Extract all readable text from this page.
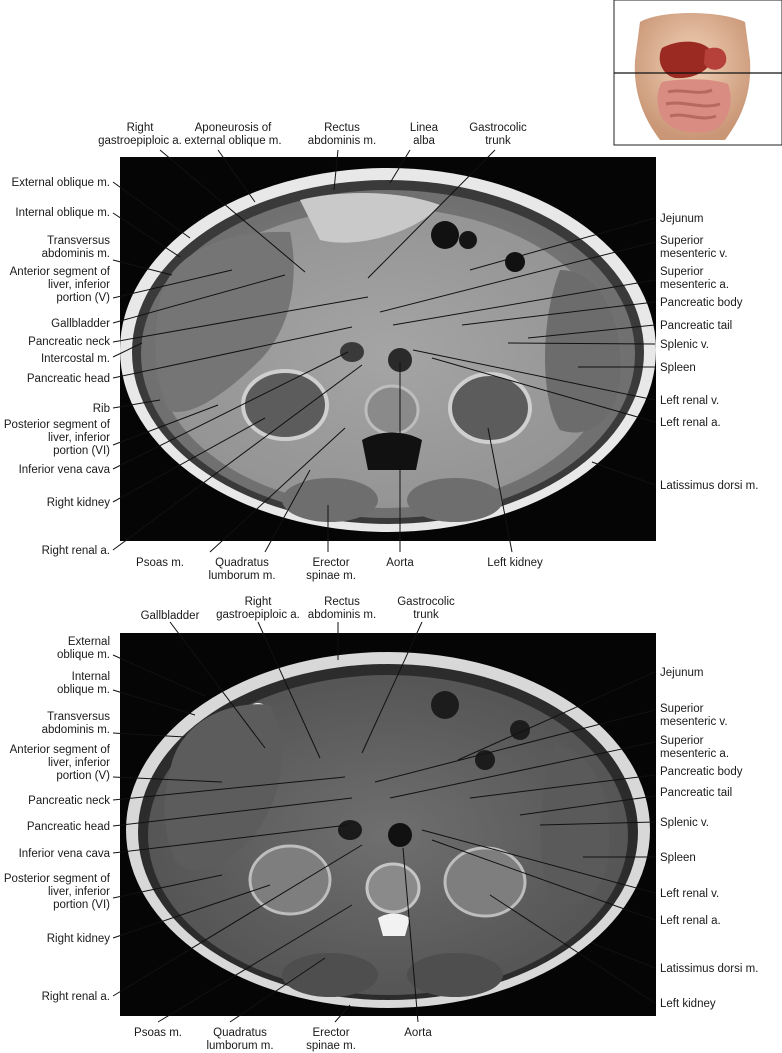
Right gastroepiploic a.
Aponeurosis of external oblique m.
Rectus abdominis m.
Linea alba
Gastrocolic trunk
External oblique m.
Internal oblique m.
Transversus abdominis m.
Anterior segment of liver, inferior portion (V)
Gallbladder
Pancreatic neck
Intercostal m.
Pancreatic head
Rib
Posterior segment of liver, inferior portion (VI)
Inferior vena cava
Right kidney
Right renal a.
Psoas m.	Quadratus lumborum m.
Erector spinae m.
Aorta	Left kidney
Jejunum
Superior mesenteric v.
Superior mesenteric a.
Pancreatic body
Pancreatic tail
Splenic v.
Spleen
Left renal v.
Left renal a.
Latissimus dorsi m.
Gallbladder
Right gastroepiploic a.
Rectus abdominis m.
Gastrocolic trunk
External oblique m.
Internal oblique m.
Transversus abdominis m.
Anterior segment of liver, inferior portion (V)
Pancreatic neck
Pancreatic head
Inferior vena cava
Posterior segment of liver, inferior portion (VI)
Right kidney
Right renal a.
Psoas m.	Quadratus lumborum m.
Erector spinae m.
Aorta
Jejunum
Superior mesenteric v.
Superior mesenteric a.
Pancreatic body
Pancreatic tail
Splenic v.
Spleen
Left renal v.
Left renal a.
Latissimus dorsi m.
Left kidney
